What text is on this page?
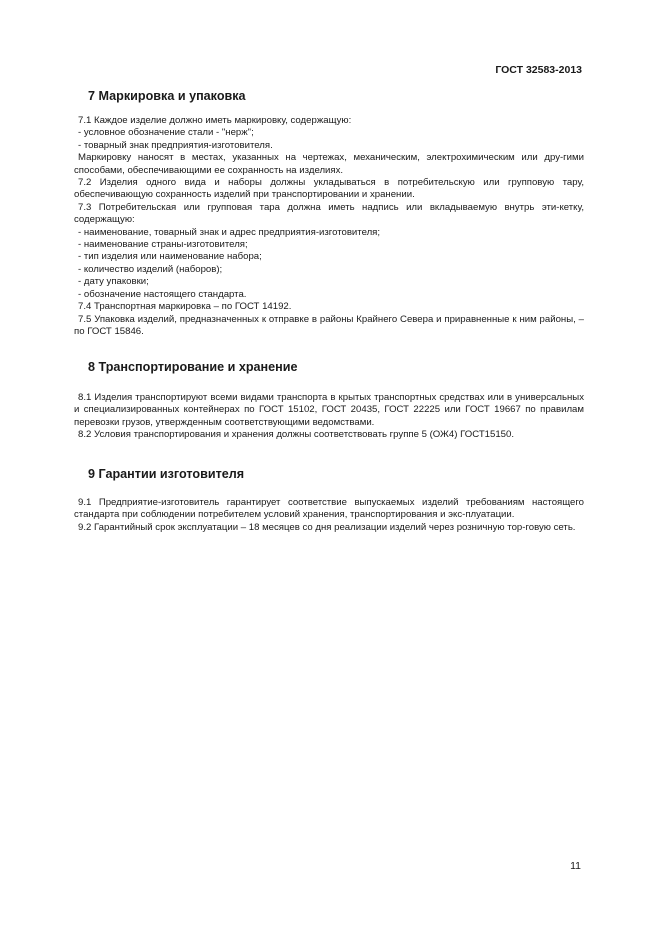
ГОСТ 32583-2013
7 Маркировка и упаковка

7.1 Каждое изделие должно иметь маркировку, содержащую:

- условное обозначение стали - "нерж";

- товарный знак предприятия-изготовителя.

Маркировку наносят в местах, указанных на чертежах, механическим, электрохимическим или дру-гими способами, обеспечивающими ее сохранность на изделиях.

7.2 Изделия одного вида и наборы должны укладываться в потребительскую или групповую тару, обеспечивающую сохранность изделий при транспортировании и хранении.

7.3 Потребительская или групповая тара должна иметь надпись или вкладываемую внутрь эти-кетку, содержащую:

- наименование, товарный знак и адрес предприятия-изготовителя;

- наименование страны-изготовителя;

- тип изделия или наименование набора;

- количество изделий (наборов);

- дату упаковки;

- обозначение настоящего стандарта.

7.4 Транспортная маркировка – по ГОСТ 14192.

7.5 Упаковка изделий, предназначенных к отправке в районы Крайнего Севера и приравненные к ним районы, – по ГОСТ 15846.

8 Транспортирование и хранение

8.1 Изделия транспортируют всеми видами транспорта в крытых транспортных средствах или в универсальных и специализированных контейнерах по ГОСТ 15102, ГОСТ 20435, ГОСТ 22225 или ГОСТ 19667 по правилам перевозки грузов, утвержденным соответствующими ведомствами.

8.2 Условия транспортирования и хранения должны соответствовать группе 5 (ОЖ4) ГОСТ15150.

9 Гарантии изготовителя

9.1 Предприятие-изготовитель гарантирует соответствие выпускаемых изделий требованиям настоящего стандарта при соблюдении потребителем условий хранения, транспортирования и экс-плуатации.

9.2 Гарантийный срок эксплуатации – 18 месяцев со дня реализации изделий через розничную тор-говую сеть.

11
